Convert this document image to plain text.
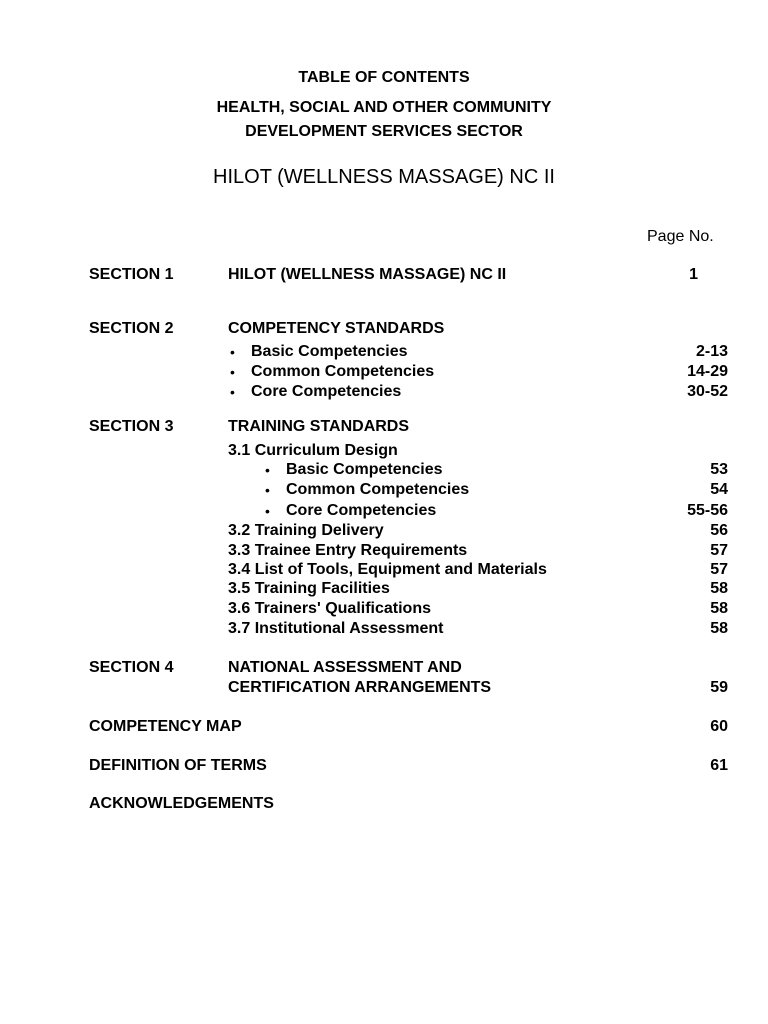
TABLE OF CONTENTS
HEALTH, SOCIAL AND OTHER COMMUNITY
DEVELOPMENT SERVICES SECTOR
HILOT (WELLNESS MASSAGE) NC II
Page No.
SECTION 1	HILOT (WELLNESS MASSAGE) NC II	1
SECTION 2	COMPETENCY STANDARDS
• Basic Competencies	2-13
• Common Competencies	14-29
• Core Competencies	30-52
SECTION 3	TRAINING STANDARDS
3.1 Curriculum Design
• Basic Competencies	53
• Common Competencies	54
• Core Competencies	55-56
3.2 Training Delivery	56
3.3 Trainee Entry Requirements	57
3.4 List of Tools, Equipment and Materials	57
3.5 Training Facilities	58
3.6 Trainers' Qualifications	58
3.7 Institutional Assessment	58
SECTION 4	NATIONAL ASSESSMENT AND
CERTIFICATION ARRANGEMENTS	59
COMPETENCY MAP	60
DEFINITION OF TERMS	61
ACKNOWLEDGEMENTS
